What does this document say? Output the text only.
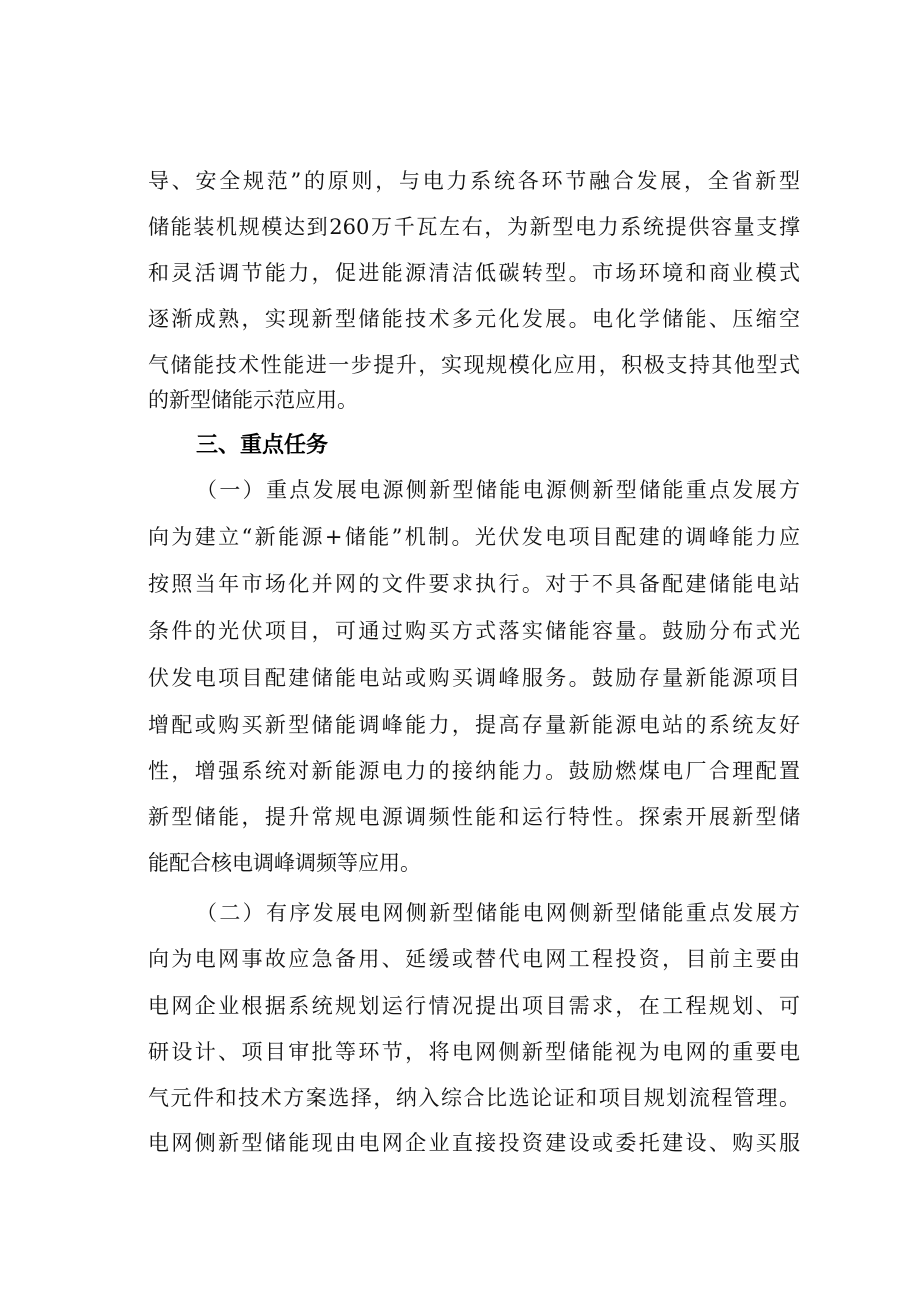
导、安全规范”的原则，与电力系统各环节融合发展，全省新型
储能装机规模达到260万千瓦左右，为新型电力系统提供容量支撑
和灵活调节能力，促进能源清洁低碳转型。市场环境和商业模式
逐渐成熟，实现新型储能技术多元化发展。电化学储能、压缩空
气储能技术性能进一步提升，实现规模化应用，积极支持其他型式
的新型储能示范应用。
三、重点任务
（一）重点发展电源侧新型储能电源侧新型储能重点发展方
向为建立“新能源+储能”机制。光伏发电项目配建的调峰能力应
按照当年市场化并网的文件要求执行。对于不具备配建储能电站
条件的光伏项目，可通过购买方式落实储能容量。鼓励分布式光
伏发电项目配建储能电站或购买调峰服务。鼓励存量新能源项目
增配或购买新型储能调峰能力，提高存量新能源电站的系统友好
性，增强系统对新能源电力的接纳能力。鼓励燃煤电厂合理配置
新型储能，提升常规电源调频性能和运行特性。探索开展新型储
能配合核电调峰调频等应用。
（二）有序发展电网侧新型储能电网侧新型储能重点发展方
向为电网事故应急备用、延缓或替代电网工程投资，目前主要由
电网企业根据系统规划运行情况提出项目需求，在工程规划、可
研设计、项目审批等环节，将电网侧新型储能视为电网的重要电
气元件和技术方案选择，纳入综合比选论证和项目规划流程管理。
电网侧新型储能现由电网企业直接投资建设或委托建设、购买服
